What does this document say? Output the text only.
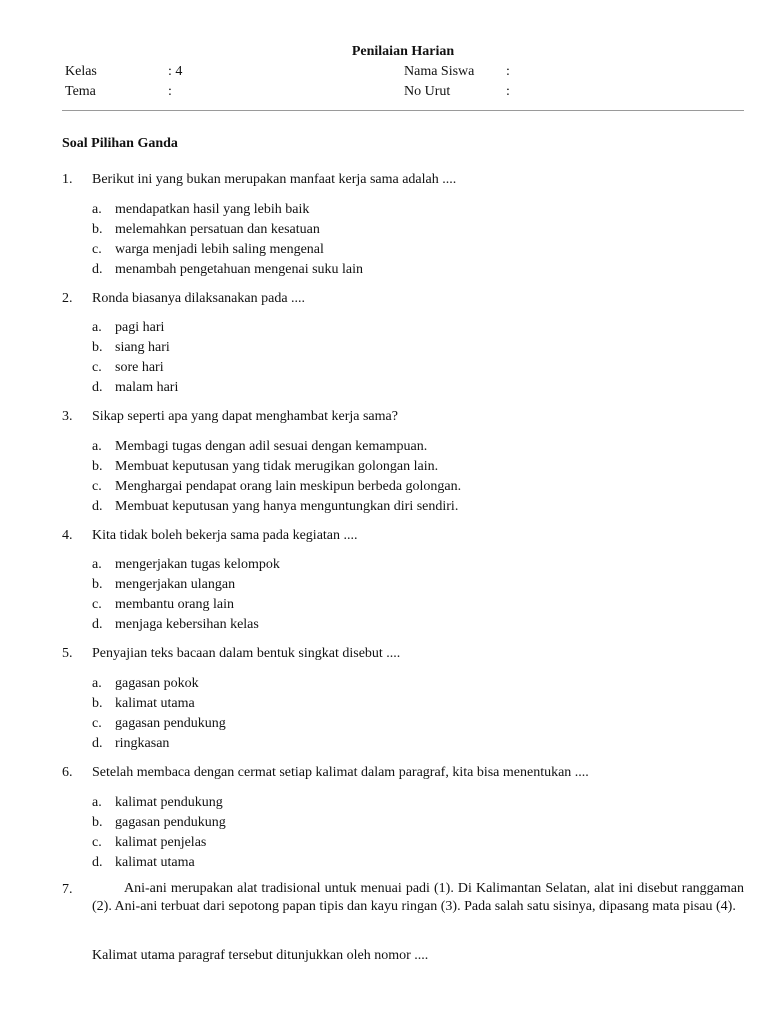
Penilaian Harian
Kelas	: 4
Tema	:
Nama Siswa :
No Urut	:
Soal Pilihan Ganda
1. Berikut ini yang bukan merupakan manfaat kerja sama adalah ....
a. mendapatkan hasil yang lebih baik
b. melemahkan persatuan dan kesatuan
c. warga menjadi lebih saling mengenal
d. menambah pengetahuan mengenai suku lain
2. Ronda biasanya dilaksanakan pada ....
a. pagi hari
b. siang hari
c. sore hari
d. malam hari
3. Sikap seperti apa yang dapat menghambat kerja sama?
a. Membagi tugas dengan adil sesuai dengan kemampuan.
b. Membuat keputusan yang tidak merugikan golongan lain.
c. Menghargai pendapat orang lain meskipun berbeda golongan.
d. Membuat keputusan yang hanya menguntungkan diri sendiri.
4. Kita tidak boleh bekerja sama pada kegiatan ....
a. mengerjakan tugas kelompok
b. mengerjakan ulangan
c. membantu orang lain
d. menjaga kebersihan kelas
5. Penyajian teks bacaan dalam bentuk singkat disebut ....
a. gagasan pokok
b. kalimat utama
c. gagasan pendukung
d. ringkasan
6. Setelah membaca dengan cermat setiap kalimat dalam paragraf, kita bisa menentukan ....
a. kalimat pendukung
b. gagasan pendukung
c. kalimat penjelas
d. kalimat utama
7.	Ani-ani merupakan alat tradisional untuk menuai padi (1). Di Kalimantan Selatan, alat ini disebut ranggaman (2). Ani-ani terbuat dari sepotong papan tipis dan kayu ringan (3). Pada salah satu sisinya, dipasang mata pisau (4).
Kalimat utama paragraf tersebut ditunjukkan oleh nomor ....
